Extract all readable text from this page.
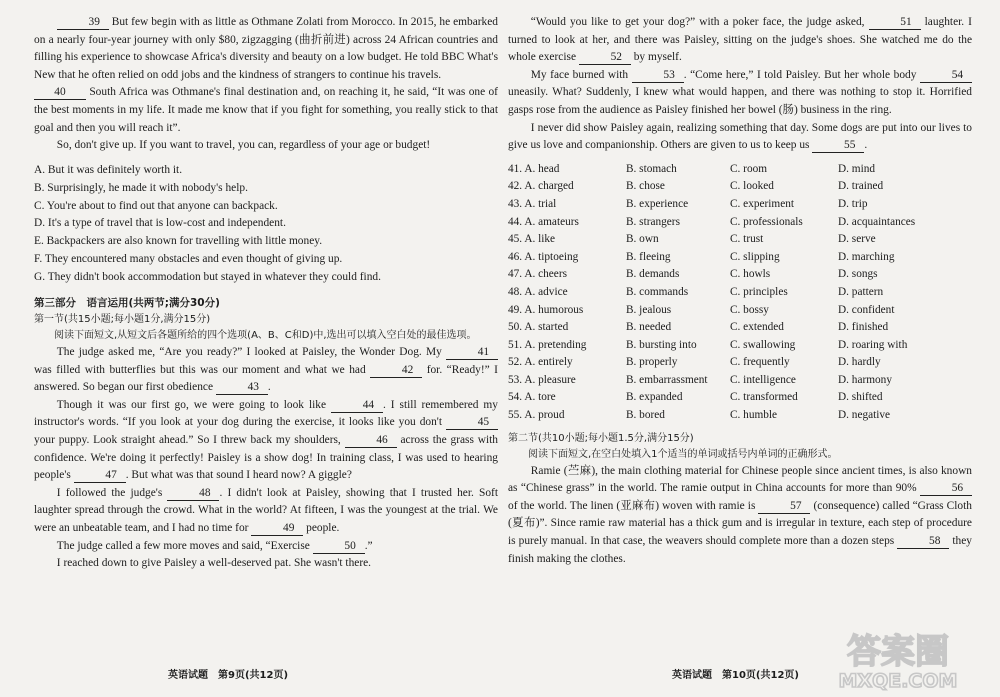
39 But few begin with as little as Othmane Zolati from Morocco. In 2015, he embarked on a nearly four-year journey with only $80, zigzagging (曲折前进) across 24 African countries and filling his experience to showcase Africa's diversity and beauty on a low budget. He told BBC What's New that he often relied on odd jobs and the kindness of strangers to continue his travels.

40 South Africa was Othmane's final destination and, on reaching it, he said, “It was one of the best moments in my life. It made me know that if you fight for something, you really stick to that goal and then you will reach it”.

So, don't give up. If you want to travel, you can, regardless of your age or budget!

A. But it was definitely worth it.

B. Surprisingly, he made it with nobody's help.

C. You're about to find out that anyone can backpack.

D. It's a type of travel that is low-cost and independent.

E. Backpackers are also known for travelling with little money.

F. They encountered many obstacles and even thought of giving up.

G. They didn't book accommodation but stayed in whatever they could find.

第三部分　语言运用(共两节;满分30分)

第一节(共15小题;每小题1分,满分15分)

阅读下面短文,从短文后各题所给的四个选项(A、B、C和D)中,选出可以填入空白处的最佳选项。

The judge asked me, “Are you ready?” I looked at Paisley, the Wonder Dog. My	41 was filled with butterflies but this was our moment and what we had	42 for. “Ready!” I answered. So began our first obedience	43 .

Though it was our first go, we were going to look like	44 . I still remembered my instructor's words. “If you look at your dog during the exercise, it looks like you don't	45 your puppy. Look straight ahead.” So I threw back my shoulders,	46 across the grass with confidence. We're doing it perfectly! Paisley is a show dog! In training class, I was used to hearing people's	47 . But what was that sound I heard now? A giggle?

I followed the judge's	48 . I didn't look at Paisley, showing that I trusted her. Soft laughter spread through the crowd. What in the world? At fifteen, I was the youngest at the trial. We were an unbeatable team, and I had no time for	49 people.

The judge called a few more moves and said, “Exercise	50 .”

I reached down to give Paisley a well-deserved pat. She wasn't there.

“Would you like to get your dog?” with a poker face, the judge asked,	51 laughter. I turned to look at her, and there was Paisley, sitting on the judge's shoes. She watched me do the whole exercise	52 by myself.

My face burned with	53 . “Come here,” I told Paisley. But her whole body	54 uneasily. What? Suddenly, I knew what would happen, and there was nothing to stop it. Horrified gasps rose from the audience as Paisley finished her bowel (肠) business in the ring.

I never did show Paisley again, realizing something that day. Some dogs are put into our lives to give us love and companionship. Others are given to us to keep us	55 .

41. A. head	B. stomach	C. room	D. mind
42. A. charged	B. chose	C. looked	D. trained
43. A. trial	B. experience	C. experiment	D. trip
44. A. amateurs	B. strangers	C. professionals	D. acquaintances
45. A. like	B. own	C. trust	D. serve
46. A. tiptoeing	B. fleeing	C. slipping	D. marching
47. A. cheers	B. demands	C. howls	D. songs
48. A. advice	B. commands	C. principles	D. pattern
49. A. humorous	B. jealous	C. bossy	D. confident
50. A. started	B. needed	C. extended	D. finished
51. A. pretending	B. bursting into	C. swallowing	D. roaring with
52. A. entirely	B. properly	C. frequently	D. hardly
53. A. pleasure	B. embarrassment	C. intelligence	D. harmony
54. A. tore	B. expanded	C. transformed	D. shifted
55. A. proud	B. bored	C. humble	D. negative

第二节(共10小题;每小题1.5分,满分15分)

阅读下面短文,在空白处填入1个适当的单词或括号内单词的正确形式。

Ramie (苎麻), the main clothing material for Chinese people since ancient times, is also known as “Chinese grass” in the world. The ramie output in China accounts for more than 90%	56 of the world. The linen (亚麻布) woven with ramie is	57 (consequence) called “Grass Cloth (夏布)”. Since ramie raw material has a thick gum and is irregular in texture, each step of procedure is purely manual. In that case, the weavers should complete more than a dozen steps	58 they finish making the clothes.

英语试题　第9页(共12页)	英语试题　第10页(共12页)
答案圈
MXQE.COM
